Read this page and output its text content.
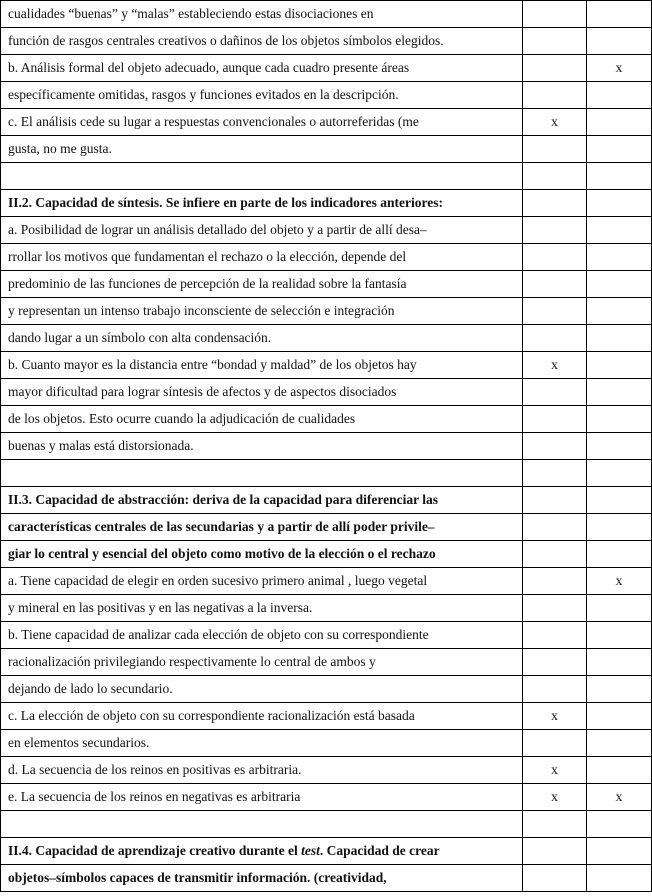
cualidades “buenas” y “malas” estableciendo estas disociaciones en		
función de rasgos centrales creativos o dañinos de los objetos símbolos elegidos.		
b. Análisis formal del objeto adecuado, aunque cada cuadro presente áreas		x
específicamente omitidas, rasgos y funciones evitados en la descripción.		
c. El análisis cede su lugar a respuestas convencionales o autorreferidas (me	x	
gusta, no me gusta.		

II.2. Capacidad de síntesis. Se infiere en parte de los indicadores anteriores:		
a. Posibilidad de lograr un análisis detallado del objeto y a partir de allí desa–		
rrollar los motivos que fundamentan el rechazo o la elección, depende del		
predominio de las funciones de percepción de la realidad sobre la fantasía		
y representan un intenso trabajo inconsciente de selección e integración		
dando lugar a un símbolo con alta condensación.		
b. Cuanto mayor es la distancia entre “bondad y maldad” de los objetos hay	x	
mayor dificultad para lograr síntesis de afectos y de aspectos disociados		
de los objetos. Esto ocurre cuando la adjudicación de cualidades		
buenas y malas está distorsionada.		

II.3. Capacidad de abstracción: deriva de la capacidad para diferenciar las		
características centrales de las secundarias y a partir de allí poder privile–		
giar lo central y esencial del objeto como motivo de la elección o el rechazo		
a. Tiene capacidad de elegir en orden sucesivo primero animal , luego vegetal		x
y mineral en las positivas y en las negativas a la inversa.		
b. Tiene capacidad de analizar cada elección de objeto con su correspondiente		
racionalización privilegiando respectivamente lo central de ambos y		
dejando de lado lo secundario.		
c. La elección de objeto con su correspondiente racionalización está basada	x	
en elementos secundarios.		
d. La secuencia de los reinos en positivas es arbitraria.	x	
e. La secuencia de los reinos en negativas es arbitraria	x	x

II.4. Capacidad de aprendizaje creativo durante el test. Capacidad de crear		
objetos–símbolos capaces de transmitir información. (creatividad,		
